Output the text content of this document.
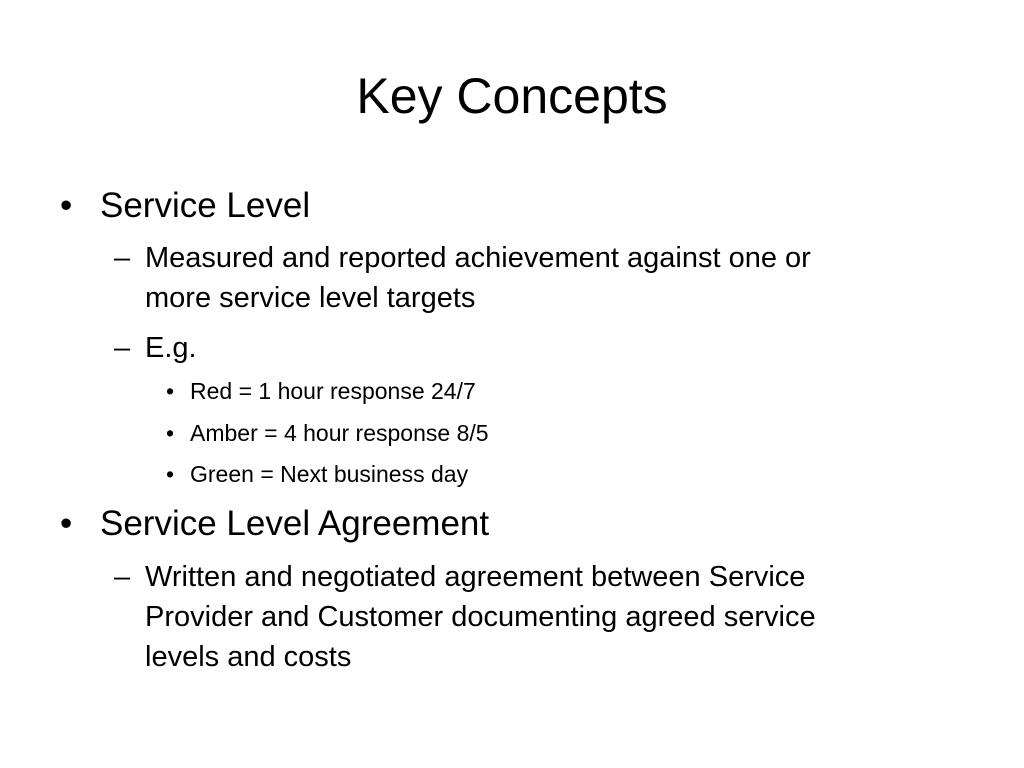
Key Concepts
• Service Level
– Measured and reported achievement against one or
more service level targets
– E.g.
• Red = 1 hour response 24/7
• Amber = 4 hour response 8/5
• Green = Next business day
• Service Level Agreement
– Written and negotiated agreement between Service
Provider and Customer documenting agreed service
levels and costs
